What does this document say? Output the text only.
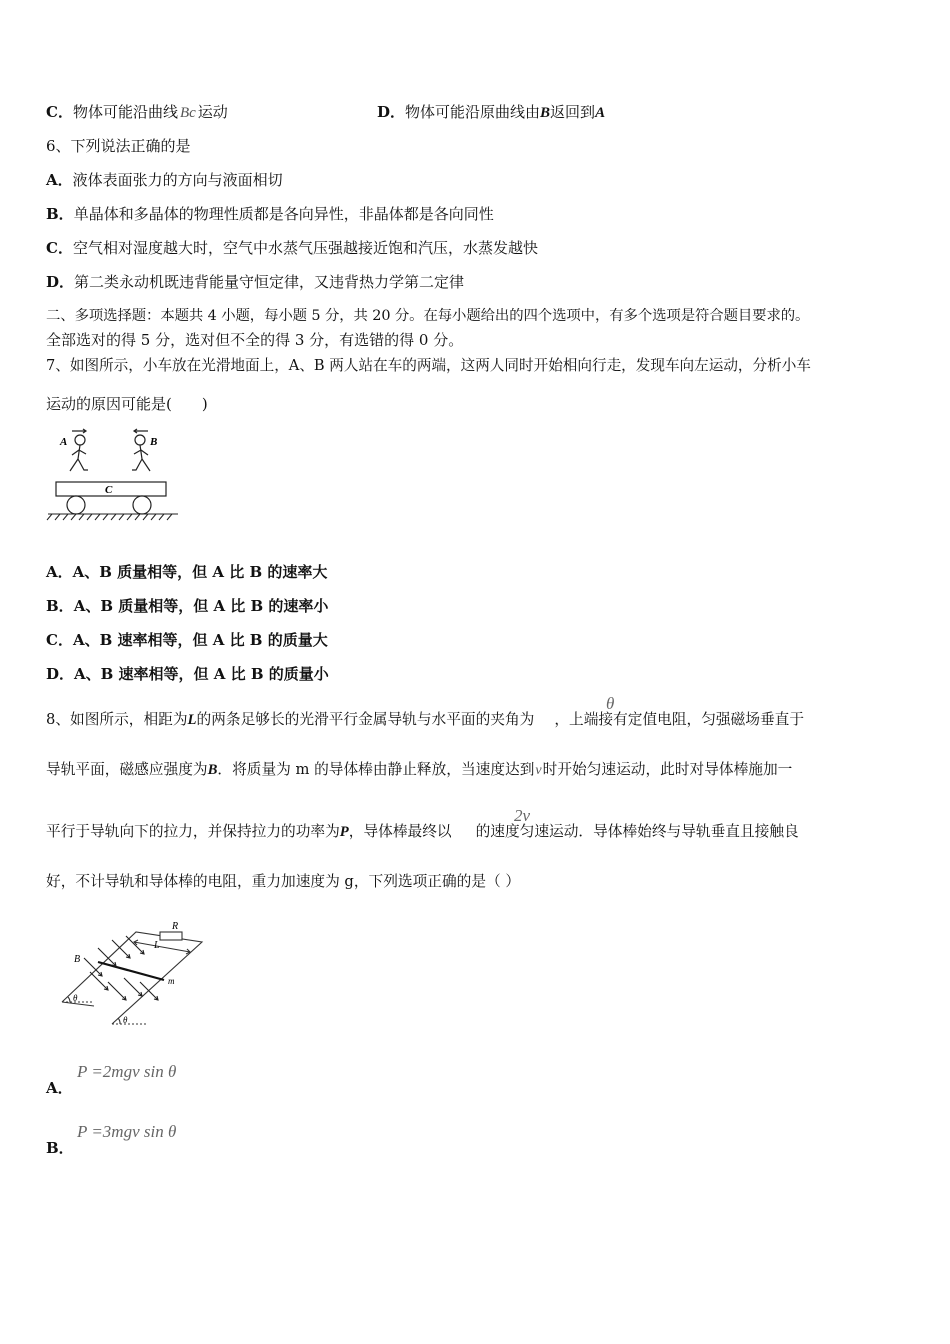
C．物体可能沿曲线 Bc 运动	D．物体可能沿原曲线由B返回到A
6、下列说法正确的是
A．液体表面张力的方向与液面相切
B．单晶体和多晶体的物理性质都是各向异性，非晶体都是各向同性
C．空气相对湿度越大时，空气中水蒸气压强越接近饱和汽压，水蒸发越快
D．第二类永动机既违背能量守恒定律，又违背热力学第二定律
二、多项选择题：本题共 4 小题，每小题 5 分，共 20 分。在每小题给出的四个选项中，有多个选项是符合题目要求的。
全部选对的得 5 分，选对但不全的得 3 分，有选错的得 0 分。
7、如图所示，小车放在光滑地面上，A、B 两人站在车的两端，这两人同时开始相向行走，发现车向左运动，分析小车
运动的原因可能是(　　)
A	B
C
A．A、B 质量相等，但 A 比 B 的速率大
B．A、B 质量相等，但 A 比 B 的速率小
C．A、B 速率相等，但 A 比 B 的质量大
D．A、B 速率相等，但 A 比 B 的质量小
8、如图所示，相距为L的两条足够长的光滑平行金属导轨与水平面的夹角为 ，上端接有定值电阻，匀强磁场垂直于
θ
导轨平面，磁感应强度为B．将质量为 m 的导体棒由静止释放，当速度达到v时开始匀速运动，此时对导体棒施加一
平行于导轨向下的拉力，并保持拉力的功率为P，导体棒最终以 的速度匀速运动．导体棒始终与导轨垂直且接触良
2v
好，不计导轨和导体棒的电阻，重力加速度为 g，下列选项正确的是（ ）
R
L
B
m
θ
θ
A．
P =2mgv sin θ
B．
P =3mgv sin θ
